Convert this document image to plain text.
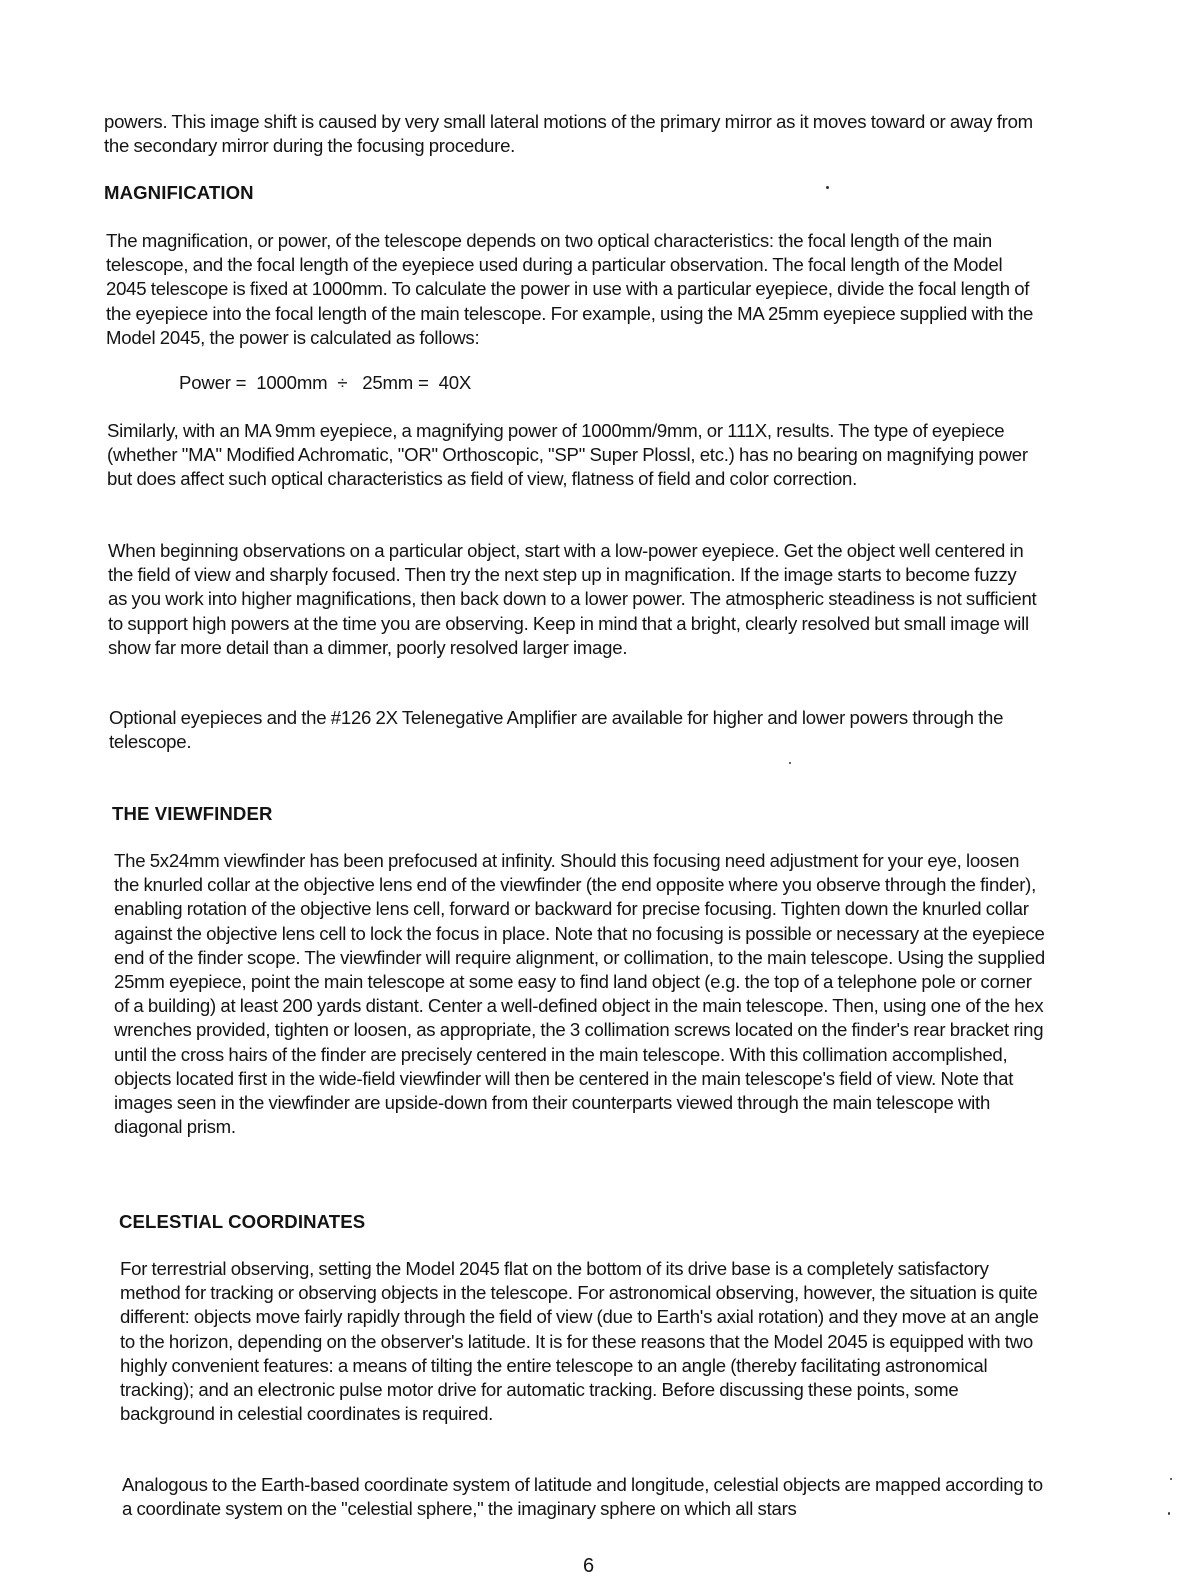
powers. This image shift is caused by very small lateral motions of the primary mirror as it moves toward or away from the secondary mirror during the focusing procedure.

MAGNIFICATION

The magnification, or power, of the telescope depends on two optical characteristics: the focal length of the main telescope, and the focal length of the eyepiece used during a particular observation. The focal length of the Model 2045 telescope is fixed at 1000mm. To calculate the power in use with a particular eyepiece, divide the focal length of the eyepiece into the focal length of the main telescope. For example, using the MA 25mm eyepiece supplied with the Model 2045, the power is calculated as follows:

Power =  1000mm  ÷   25mm =  40X

Similarly, with an MA 9mm eyepiece, a magnifying power of 1000mm/9mm, or 111X, results. The type of eyepiece (whether "MA" Modified Achromatic, "OR" Orthoscopic, "SP" Super Plossl, etc.) has no bearing on magnifying power but does affect such optical characteristics as field of view, flatness of field and color correction.

When beginning observations on a particular object, start with a low-power eyepiece. Get the object well centered in the field of view and sharply focused. Then try the next step up in magnification. If the image starts to become fuzzy as you work into higher magnifications, then back down to a lower power. The atmospheric steadiness is not sufficient to support high powers at the time you are observing. Keep in mind that a bright, clearly resolved but small image will show far more detail than a dimmer, poorly resolved larger image.

Optional eyepieces and the #126 2X Telenegative Amplifier are available for higher and lower powers through the telescope.

THE VIEWFINDER

The 5x24mm viewfinder has been prefocused at infinity. Should this focusing need adjustment for your eye, loosen the knurled collar at the objective lens end of the viewfinder (the end opposite where you observe through the finder), enabling rotation of the objective lens cell, forward or backward for precise focusing. Tighten down the knurled collar against the objective lens cell to lock the focus in place. Note that no focusing is possible or necessary at the eyepiece end of the finder scope. The viewfinder will require alignment, or collimation, to the main telescope. Using the supplied 25mm eyepiece, point the main telescope at some easy to find land object (e.g. the top of a telephone pole or corner of a building) at least 200 yards distant. Center a well-defined object in the main telescope. Then, using one of the hex wrenches provided, tighten or loosen, as appropriate, the 3 collimation screws located on the finder's rear bracket ring until the cross hairs of the finder are precisely centered in the main telescope. With this collimation accomplished, objects located first in the wide-field viewfinder will then be centered in the main telescope's field of view. Note that images seen in the viewfinder are upside-down from their counterparts viewed through the main telescope with diagonal prism.

CELESTIAL COORDINATES

For terrestrial observing, setting the Model 2045 flat on the bottom of its drive base is a completely satisfactory method for tracking or observing objects in the telescope. For astronomical observing, however, the situation is quite different: objects move fairly rapidly through the field of view (due to Earth's axial rotation) and they move at an angle to the horizon, depending on the observer's latitude. It is for these reasons that the Model 2045 is equipped with two highly convenient features: a means of tilting the entire telescope to an angle (thereby facilitating astronomical tracking); and an electronic pulse motor drive for automatic tracking. Before discussing these points, some background in celestial coordinates is required.

Analogous to the Earth-based coordinate system of latitude and longitude, celestial objects are mapped according to a coordinate system on the "celestial sphere," the imaginary sphere on which all stars

6
